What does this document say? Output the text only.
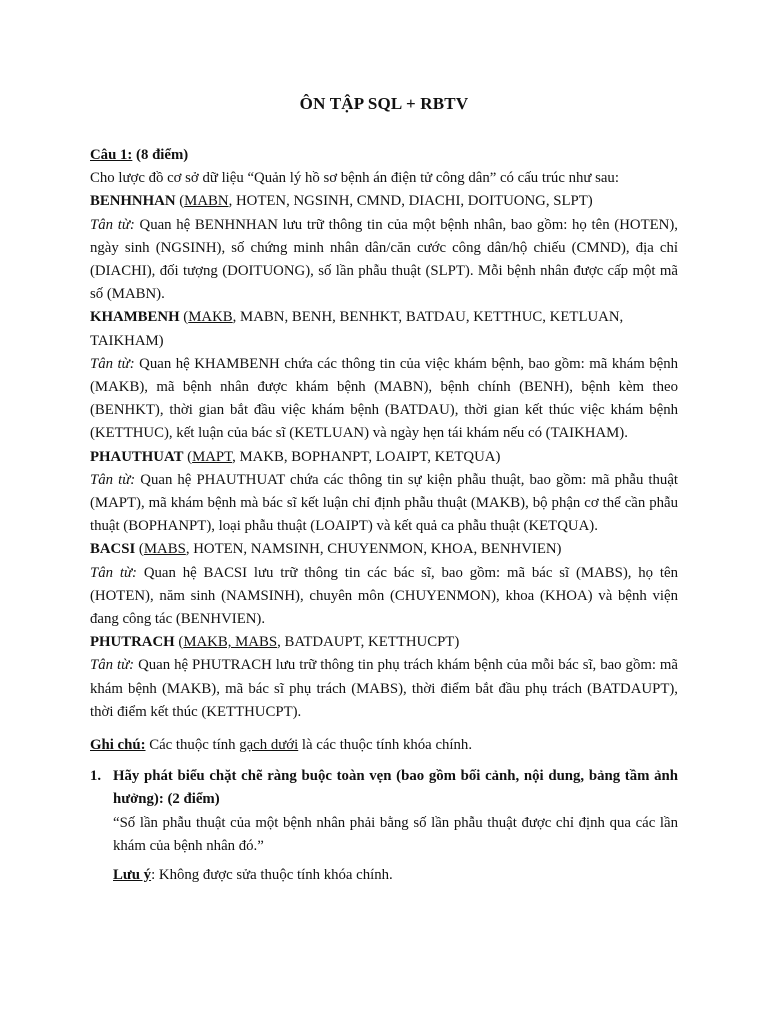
ÔN TẬP SQL + RBTV

Câu 1: (8 điểm)

Cho lược đồ cơ sở dữ liệu “Quản lý hồ sơ bệnh án điện tử công dân” có cấu trúc như sau:

BENHNHAN (MABN, HOTEN, NGSINH, CMND, DIACHI, DOITUONG, SLPT)

Tân từ: Quan hệ BENHNHAN lưu trữ thông tin của một bệnh nhân, bao gồm: họ tên (HOTEN), ngày sinh (NGSINH), số chứng minh nhân dân/căn cước công dân/hộ chiếu (CMND), địa chỉ (DIACHI), đối tượng (DOITUONG), số lần phẫu thuật (SLPT). Mỗi bệnh nhân được cấp một mã số (MABN).

KHAMBENH (MAKB, MABN, BENH, BENHKT, BATDAU, KETTHUC, KETLUAN, TAIKHAM)

Tân từ: Quan hệ KHAMBENH chứa các thông tin của việc khám bệnh, bao gồm: mã khám bệnh (MAKB), mã bệnh nhân được khám bệnh (MABN), bệnh chính (BENH), bệnh kèm theo (BENHKT), thời gian bắt đầu việc khám bệnh (BATDAU), thời gian kết thúc việc khám bệnh (KETTHUC), kết luận của bác sĩ (KETLUAN) và ngày hẹn tái khám nếu có (TAIKHAM).

PHAUTHUAT (MAPT, MAKB, BOPHANPT, LOAIPT, KETQUA)

Tân từ: Quan hệ PHAUTHUAT chứa các thông tin sự kiện phẫu thuật, bao gồm: mã phẫu thuật (MAPT), mã khám bệnh mà bác sĩ kết luận chỉ định phẫu thuật (MAKB), bộ phận cơ thể cần phẫu thuật (BOPHANPT), loại phẫu thuật (LOAIPT) và kết quả ca phẫu thuật (KETQUA).

BACSI (MABS, HOTEN, NAMSINH, CHUYENMON, KHOA, BENHVIEN)

Tân từ: Quan hệ BACSI lưu trữ thông tin các bác sĩ, bao gồm: mã bác sĩ (MABS), họ tên (HOTEN), năm sinh (NAMSINH), chuyên môn (CHUYENMON), khoa (KHOA) và bệnh viện đang công tác (BENHVIEN).

PHUTRACH (MAKB, MABS, BATDAUPT, KETTHUCPT)

Tân từ: Quan hệ PHUTRACH lưu trữ thông tin phụ trách khám bệnh của mỗi bác sĩ, bao gồm: mã khám bệnh (MAKB), mã bác sĩ phụ trách (MABS), thời điểm bắt đầu phụ trách (BATDAUPT), thời điểm kết thúc (KETTHUCPT).

Ghi chú: Các thuộc tính gạch dưới là các thuộc tính khóa chính.

1. Hãy phát biểu chặt chẽ ràng buộc toàn vẹn (bao gồm bối cảnh, nội dung, bảng tầm ảnh hưởng): (2 điểm)

“Số lần phẫu thuật của một bệnh nhân phải bằng số lần phẫu thuật được chỉ định qua các lần khám của bệnh nhân đó.”

Lưu ý: Không được sửa thuộc tính khóa chính.
